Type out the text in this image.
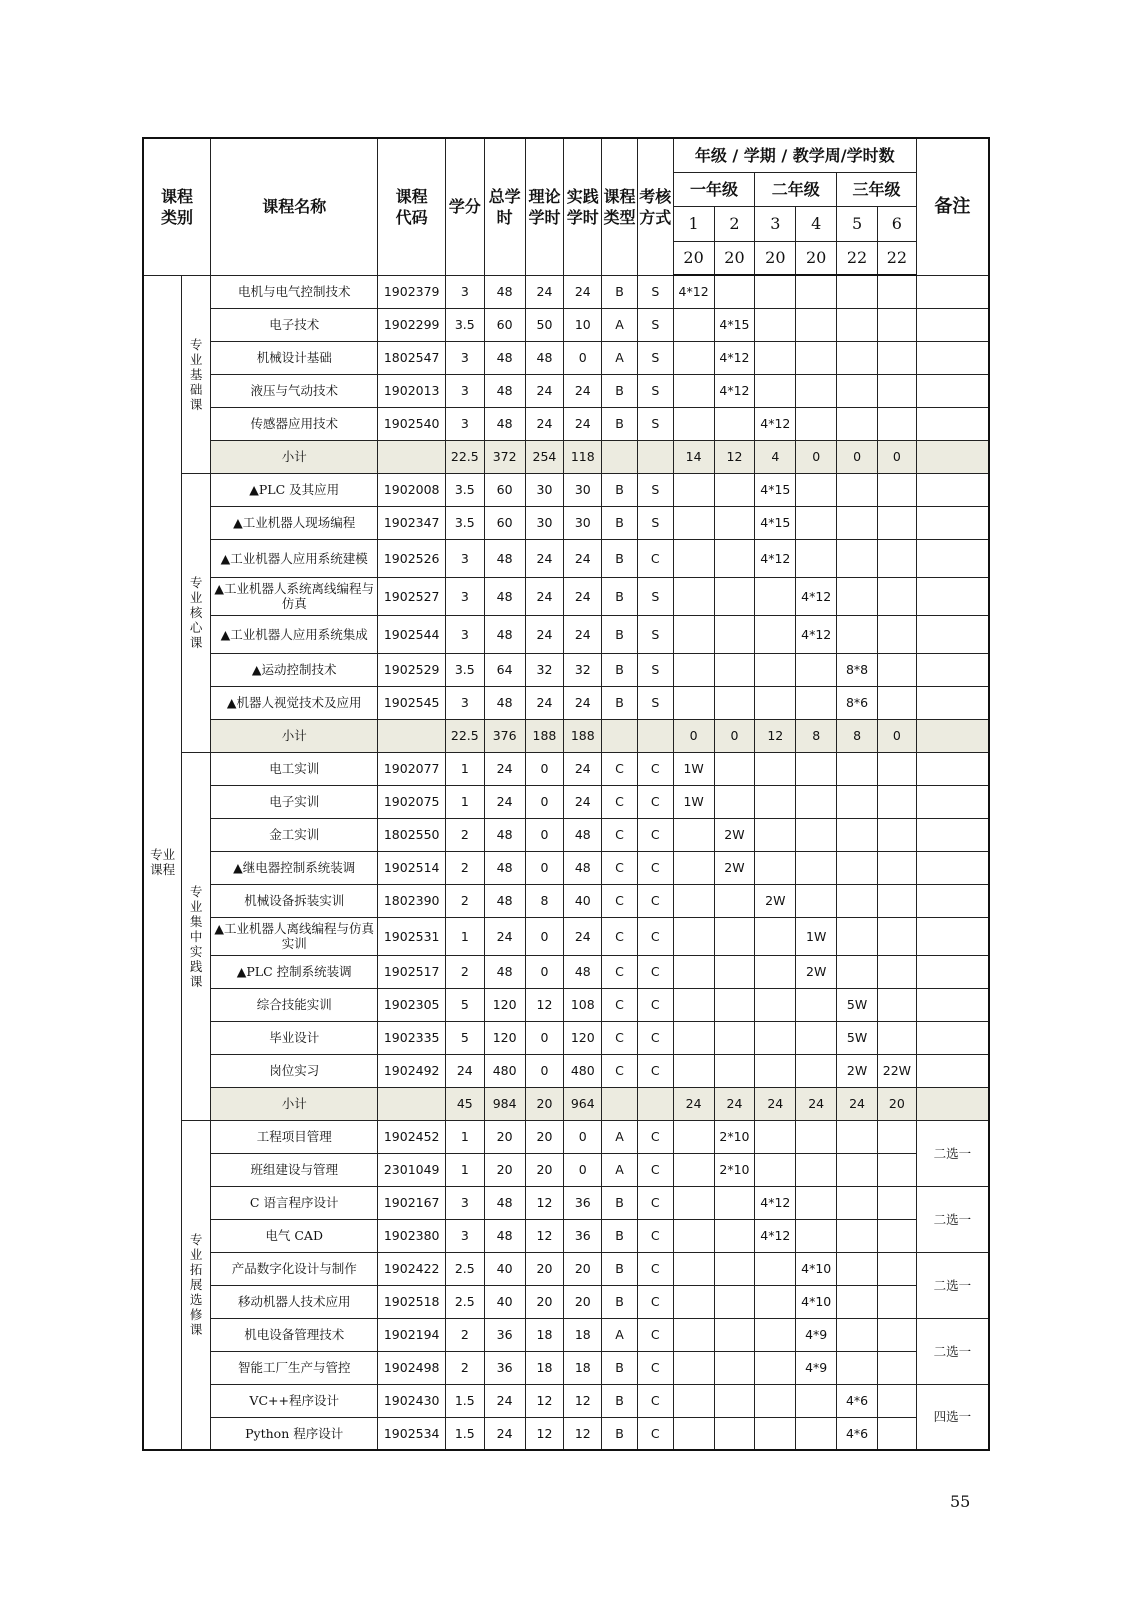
课程类别		课程名称	课程代码	学分	总学时	理论学时	实践学时	课程类型	考核方式	年级 / 学期 / 教学周/学时数						备注
										一年级		二年级		三年级		
										1	2	3	4	5	6	
										20	20	20	20	22	22	
专业课程	专业基础课	电机与电气控制技术	1902379	3	48	24	24	B	S	4*12						
		电子技术	1902299	3.5	60	50	10	A	S		4*15					
		机械设计基础	1802547	3	48	48	0	A	S		4*12					
		液压与气动技术	1902013	3	48	24	24	B	S		4*12					
		传感器应用技术	1902540	3	48	24	24	B	S			4*12				
		小计		22.5	372	254	118			14	12	4	0	0	0	
	专业核心课	▲PLC 及其应用	1902008	3.5	60	30	30	B	S			4*15				
		▲工业机器人现场编程	1902347	3.5	60	30	30	B	S			4*15				
		▲工业机器人应用系统建模	1902526	3	48	24	24	B	C			4*12				
		▲工业机器人系统离线编程与仿真	1902527	3	48	24	24	B	S				4*12			
		▲工业机器人应用系统集成	1902544	3	48	24	24	B	S				4*12			
		▲运动控制技术	1902529	3.5	64	32	32	B	S					8*8		
		▲机器人视觉技术及应用	1902545	3	48	24	24	B	S					8*6		
		小计		22.5	376	188	188			0	0	12	8	8	0	
	专业集中实践课	电工实训	1902077	1	24	0	24	C	C	1W						
		电子实训	1902075	1	24	0	24	C	C	1W						
		金工实训	1802550	2	48	0	48	C	C		2W					
		▲继电器控制系统装调	1902514	2	48	0	48	C	C		2W					
		机械设备拆装实训	1802390	2	48	8	40	C	C			2W				
		▲工业机器人离线编程与仿真实训	1902531	1	24	0	24	C	C				1W			
		▲PLC 控制系统装调	1902517	2	48	0	48	C	C				2W			
		综合技能实训	1902305	5	120	12	108	C	C					5W		
		毕业设计	1902335	5	120	0	120	C	C					5W		
		岗位实习	1902492	24	480	0	480	C	C					2W	22W	
		小计		45	984	20	964			24	24	24	24	24	20	
	专业拓展选修课	工程项目管理	1902452	1	20	20	0	A	C		2*10					二选一
		班组建设与管理	2301049	1	20	20	0	A	C		2*10					
		C 语言程序设计	1902167	3	48	12	36	B	C			4*12				二选一
		电气 CAD	1902380	3	48	12	36	B	C			4*12				
		产品数字化设计与制作	1902422	2.5	40	20	20	B	C				4*10			二选一
		移动机器人技术应用	1902518	2.5	40	20	20	B	C				4*10			
		机电设备管理技术	1902194	2	36	18	18	A	C				4*9			二选一
		智能工厂生产与管控	1902498	2	36	18	18	B	C				4*9			
		VC++程序设计	1902430	1.5	24	12	12	B	C					4*6		四选一
		Python 程序设计	1902534	1.5	24	12	12	B	C					4*6		
55
